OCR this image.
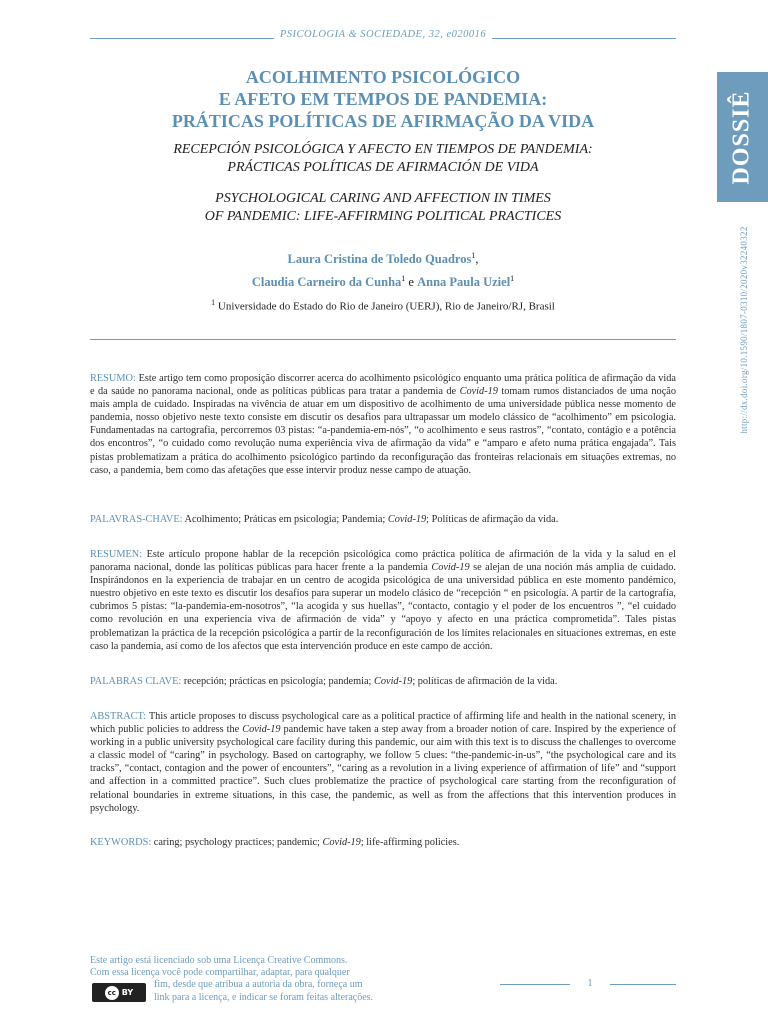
PSICOLOGIA & SOCIEDADE, 32, e020016
DOSSIÊ
http://dx.doi.org/10.1590/1807-0310/2020v32240322

ACOLHIMENTO PSICOLÓGICO
E AFETO EM TEMPOS DE PANDEMIA:
PRÁTICAS POLÍTICAS DE AFIRMAÇÃO DA VIDA

RECEPCIÓN PSICOLÓGICA Y AFECTO EN TIEMPOS DE PANDEMIA:
PRÁCTICAS POLÍTICAS DE AFIRMACIÓN DE VIDA

PSYCHOLOGICAL CARING AND AFFECTION IN TIMES
OF PANDEMIC: LIFE-AFFIRMING POLITICAL PRACTICES

Laura Cristina de Toledo Quadros$^1$,
Claudia Carneiro da Cunha$^1$ e Anna Paula Uziel$^1$
$^1$ Universidade do Estado do Rio de Janeiro (UERJ), Rio de Janeiro/RJ, Brasil

RESUMO: Este artigo tem como proposição discorrer acerca do acolhimento psicológico enquanto uma prática política de afirmação da vida e da saúde no panorama nacional, onde as políticas públicas para tratar a pandemia de Covid-19 tomam rumos distanciados de uma noção mais ampla de cuidado. Inspiradas na vivência de atuar em um dispositivo de acolhimento de uma universidade pública nesse momento de pandemia, nosso objetivo neste texto consiste em discutir os desafios para ultrapassar um modelo clássico de “acolhimento” em psicologia. Fundamentadas na cartografia, percorremos 03 pistas: “a-pandemia-em-nós”, “o acolhimento e seus rastros”, “contato, contágio e a potência dos encontros”, “o cuidado como revolução numa experiência viva de afirmação da vida” e “amparo e afeto numa prática engajada”. Tais pistas problematizam a prática do acolhimento psicológico partindo da reconfiguração das fronteiras relacionais em situações extremas, no caso, a pandemia, bem como das afetações que esse intervir produz nesse campo de atuação.

PALAVRAS-CHAVE: Acolhimento; Práticas em psicologia; Pandemia; Covid-19; Políticas de afirmação da vida.

RESUMEN: Este artículo propone hablar de la recepción psicológica como práctica política de afirmación de la vida y la salud en el panorama nacional, donde las políticas públicas para hacer frente a la pandemia Covid-19 se alejan de una noción más amplia de cuidado. Inspirándonos en la experiencia de trabajar en un centro de acogida psicológica de una universidad pública en este momento pandémico, nuestro objetivo en este texto es discutir los desafíos para superar un modelo clásico de “recepción “ en psicología. A partir de la cartografía, cubrimos 5 pistas: “la-pandemia-em-nosotros”, “la acogida y sus huellas”, “contacto, contagio y el poder de los encuentros ”, “el cuidado como revolución en una experiencia viva de afirmación de vida” y “apoyo y afecto en una práctica comprometida”. Tales pistas problematizan la práctica de la recepción psicológica a partir de la reconfiguración de los límites relacionales en situaciones extremas, en este caso la pandemia, así como de los afectos que esta intervención produce en este campo de acción.

PALABRAS CLAVE: recepción; prácticas en psicología; pandemia; Covid-19; políticas de afirmación de la vida.

ABSTRACT: This article proposes to discuss psychological care as a political practice of affirming life and health in the national scenery, in which public policies to address the Covid-19 pandemic have taken a step away from a broader notion of care. Inspired by the experience of working in a public university psychological care facility during this pandemic, our aim with this text is to discuss the challenges to overcome a classic model of “caring” in psychology. Based on cartography, we follow 5 clues: “the-pandemic-in-us”, “the psychological care and its tracks”, “contact, contagion and the power of encounters”, “caring as a revolution in a living experience of affirmation of life” and “support and affection in a committed practice”. Such clues problematize the practice of psychological care starting from the reconfiguration of relational boundaries in extreme situations, in this case, the pandemic, as well as from the affections that this intervention produces in psychology.

KEYWORDS: caring; psychology practices; pandemic; Covid-19; life-affirming policies.

Este artigo está licenciado sob uma Licença Creative Commons.
Com essa licença você pode compartilhar, adaptar, para qualquer
fim, desde que atribua a autoria da obra, forneça um
link para a licença, e indicar se foram feitas alterações.
cc BY
1
